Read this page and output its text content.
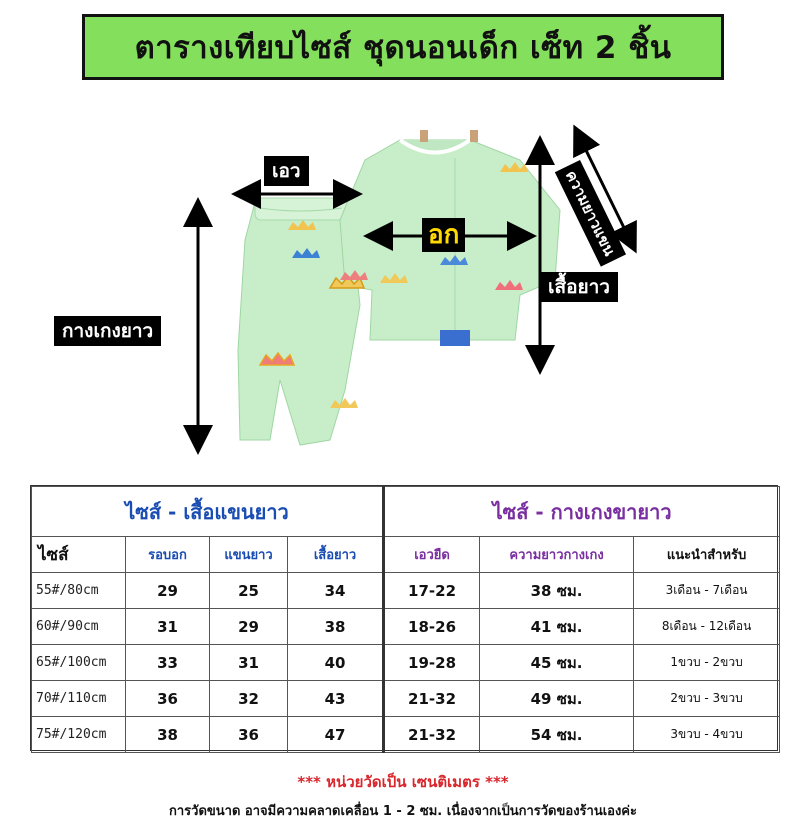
ตารางเทียบไซส์ ชุดนอนเด็ก เซ็ท 2 ชิ้น
เอว
อก
เสื้อยาว
กางเกงยาว
ความยาวแขน
ไซส์ - เสื้อแขนยาว				ไซส์ - กางเกงขายาว		
ไซส์	รอบอก	แขนยาว	เสื้อยาว	เอวยืด	ความยาวกางเกง	แนะนำสำหรับ
55#/80cm	29	25	34	17-22	38 ซม.	3เดือน - 7เดือน
60#/90cm	31	29	38	18-26	41 ซม.	8เดือน - 12เดือน
65#/100cm	33	31	40	19-28	45 ซม.	1ขวบ - 2ขวบ
70#/110cm	36	32	43	21-32	49 ซม.	2ขวบ - 3ขวบ
75#/120cm	38	36	47	21-32	54 ซม.	3ขวบ - 4ขวบ
*** หน่วยวัดเป็น เซนติเมตร ***
การวัดขนาด อาจมีความคลาดเคลื่อน 1 - 2 ซม. เนื่องจากเป็นการวัดของร้านเองค่ะ
